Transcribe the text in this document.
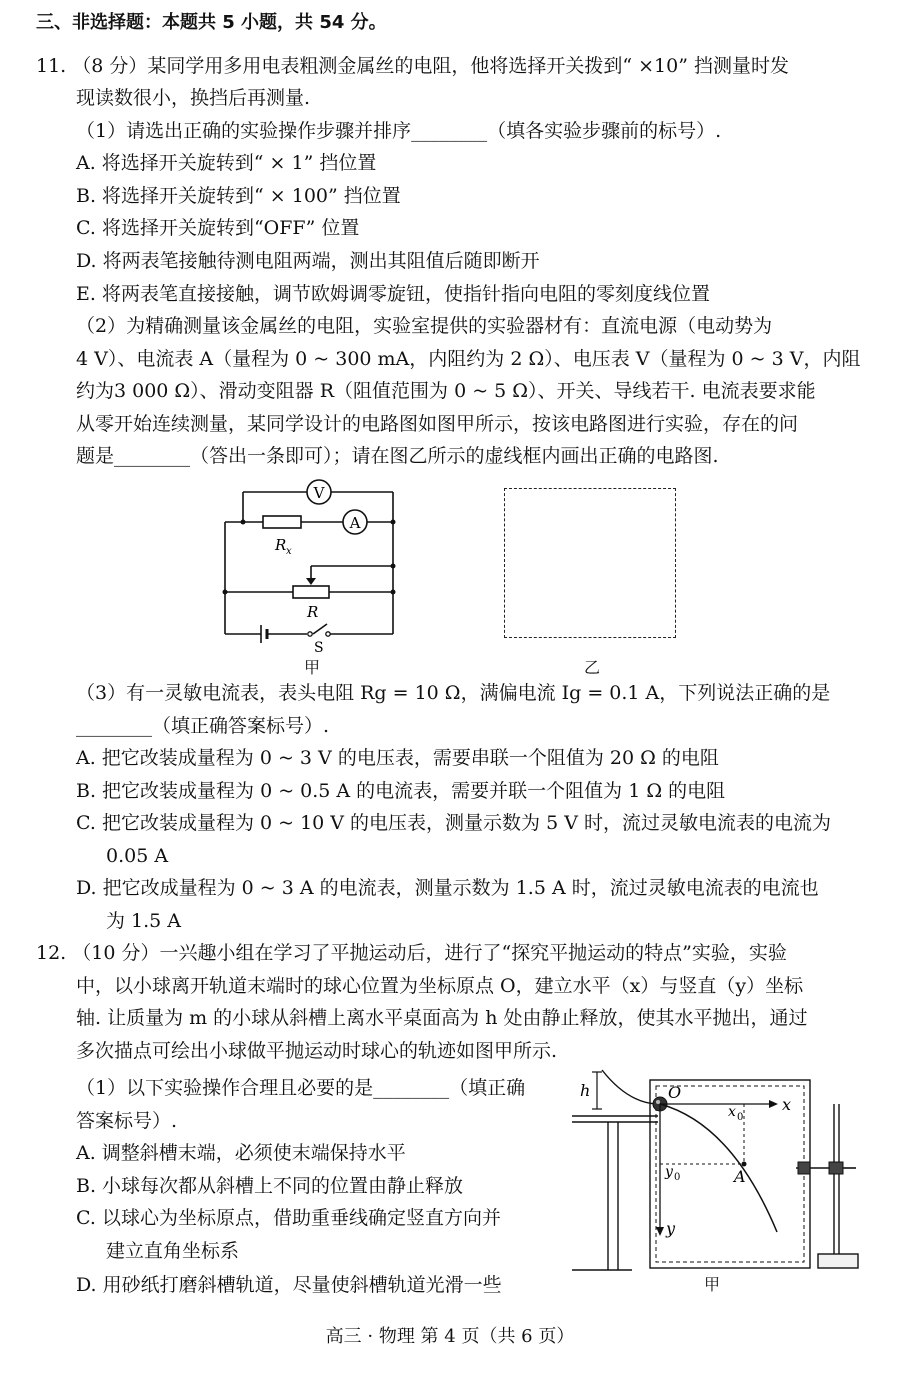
三、非选择题：本题共 5 小题，共 54 分。
11. （8 分）某同学用多用电表粗测金属丝的电阻，他将选择开关拨到“ ×10” 挡测量时发
现读数很小，换挡后再测量.
（1）请选出正确的实验操作步骤并排序________（填各实验步骤前的标号）.
A. 将选择开关旋转到“ × 1” 挡位置
B. 将选择开关旋转到“ × 100” 挡位置
C. 将选择开关旋转到“OFF” 位置
D. 将两表笔接触待测电阻两端，测出其阻值后随即断开
E. 将两表笔直接接触，调节欧姆调零旋钮，使指针指向电阻的零刻度线位置
（2）为精确测量该金属丝的电阻，实验室提供的实验器材有：直流电源（电动势为
4 V）、电流表 A（量程为 0 ~ 300 mA，内阻约为 2 Ω）、电压表 V（量程为 0 ~ 3 V，内阻
约为3 000 Ω）、滑动变阻器 R（阻值范围为 0 ~ 5 Ω）、开关、导线若干. 电流表要求能
从零开始连续测量，某同学设计的电路图如图甲所示，按该电路图进行实验，存在的问
题是________（答出一条即可）；请在图乙所示的虚线框内画出正确的电路图.
V
A
R x
R
S
甲	乙
（3）有一灵敏电流表，表头电阻 Rg = 10 Ω，满偏电流 Ig = 0.1 A，下列说法正确的是
________（填正确答案标号）.
A. 把它改装成量程为 0 ~ 3 V 的电压表，需要串联一个阻值为 20 Ω 的电阻
B. 把它改装成量程为 0 ~ 0.5 A 的电流表，需要并联一个阻值为 1 Ω 的电阻
C. 把它改装成量程为 0 ~ 10 V 的电压表，测量示数为 5 V 时，流过灵敏电流表的电流为
0.05 A
D. 把它改成量程为 0 ~ 3 A 的电流表，测量示数为 1.5 A 时，流过灵敏电流表的电流也
为 1.5 A
12. （10 分）一兴趣小组在学习了平抛运动后，进行了“探究平抛运动的特点”实验，实验
中，以小球离开轨道末端时的球心位置为坐标原点 O，建立水平（x）与竖直（y）坐标
轴. 让质量为 m 的小球从斜槽上离水平桌面高为 h 处由静止释放，使其水平抛出，通过
多次描点可绘出小球做平抛运动时球心的轨迹如图甲所示.
（1）以下实验操作合理且必要的是________（填正确
答案标号）.
A. 调整斜槽末端，必须使末端保持水平
B. 小球每次都从斜槽上不同的位置由静止释放
C. 以球心为坐标原点，借助重垂线确定竖直方向并
建立直角坐标系
D. 用砂纸打磨斜槽轨道，尽量使斜槽轨道光滑一些
h
x
y
O
A
x 0
y 0
甲
高三 · 物理 第 4 页（共 6 页）
